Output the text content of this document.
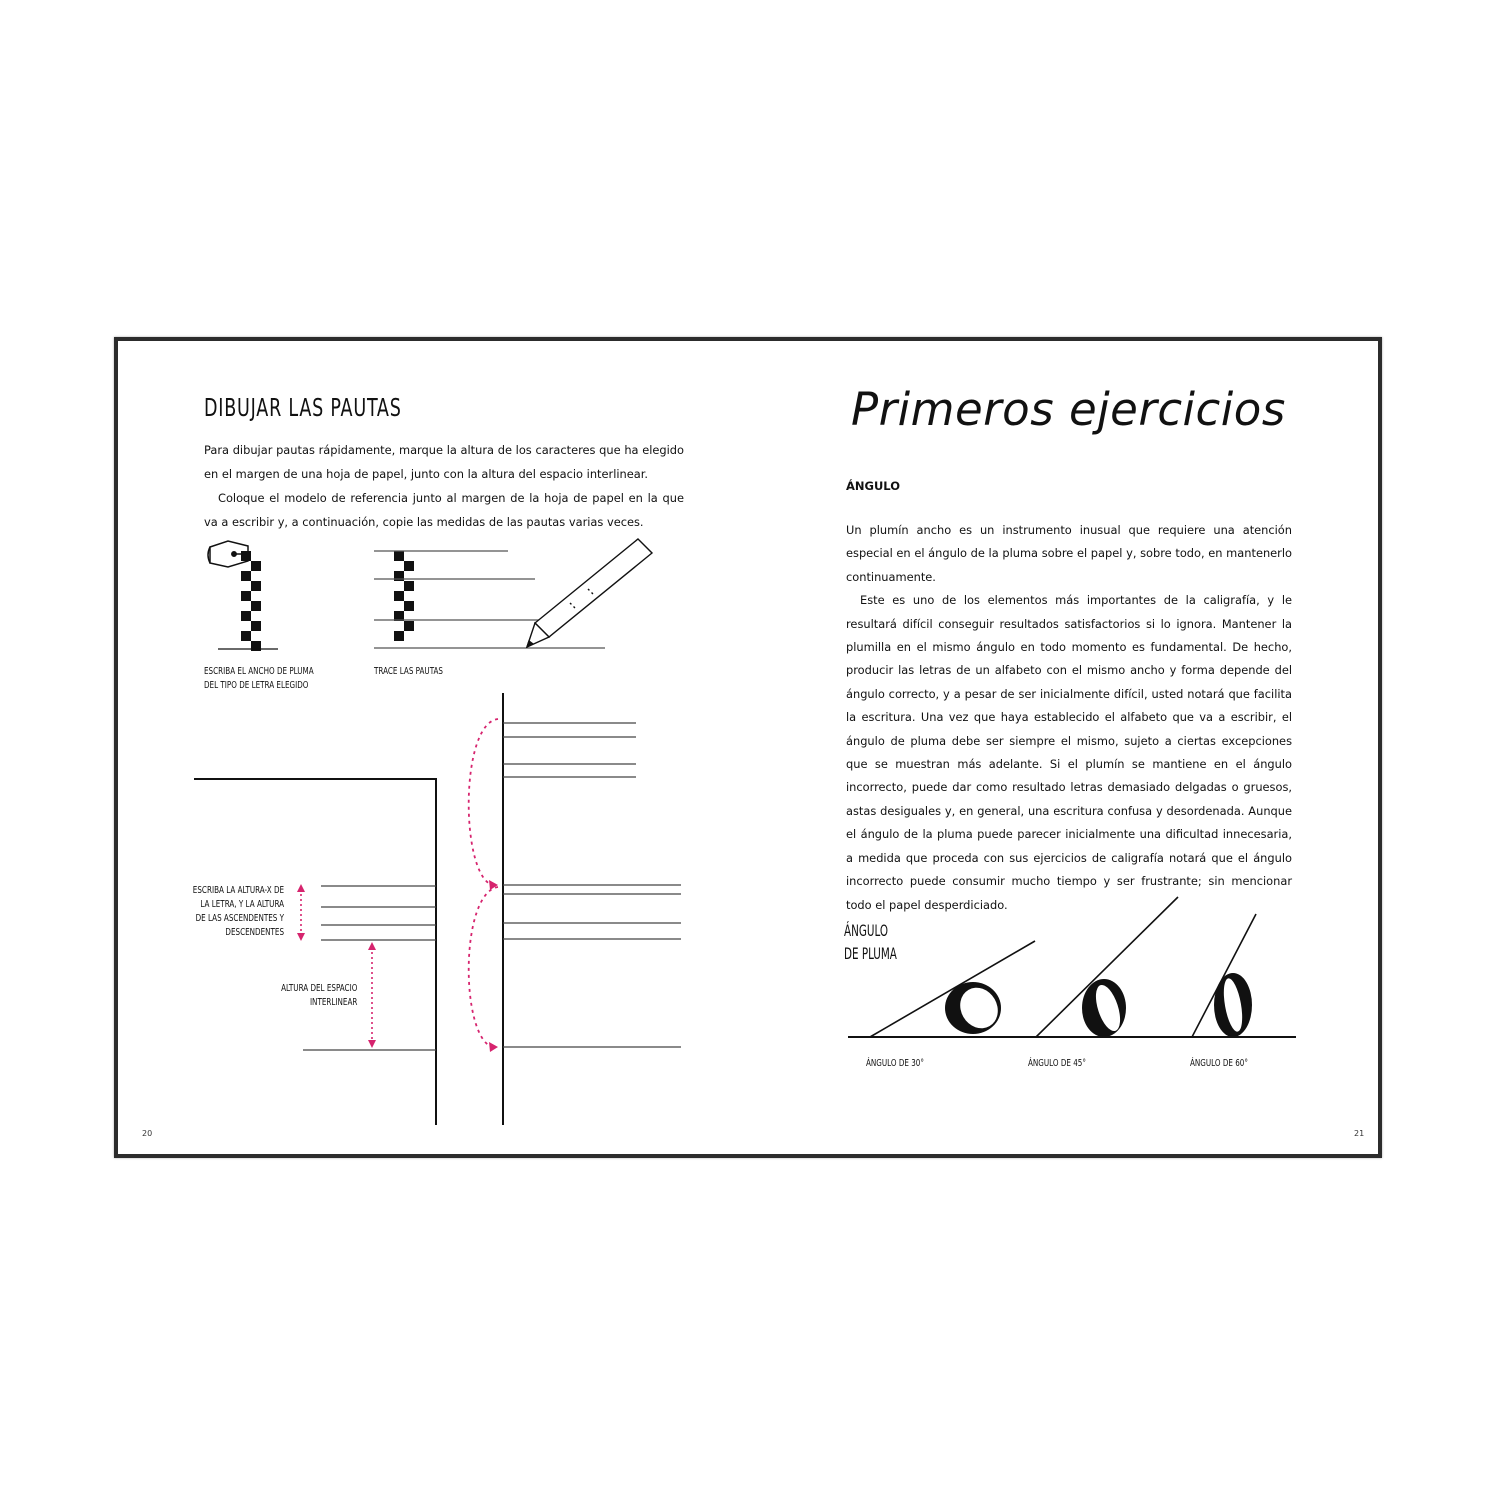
DIBUJAR LAS PAUTAS

Para dibujar pautas rápidamente, marque la altura de los caracteres que ha elegido en el margen de una hoja de papel, junto con la altura del espacio interlinear.

Coloque el modelo de referencia junto al margen de la hoja de papel en la que va a escribir y, a continuación, copie las medidas de las pautas varias veces.

ESCRIBA EL ANCHO DE PLUMA
DEL TIPO DE LETRA ELEGIDO
TRACE LAS PAUTAS
ESCRIBA LA ALTURA-X DE
LA LETRA, Y LA ALTURA
DE LAS ASCENDENTES Y
DESCENDENTES
ALTURA DEL ESPACIO
INTERLINEAR
20
Primeros ejercicios
ÁNGULO

Un plumín ancho es un instrumento inusual que requiere una atención especial en el ángulo de la pluma sobre el papel y, sobre todo, en mantenerlo continuamente.

Este es uno de los elementos más importantes de la caligrafía, y le resultará difícil conseguir resultados satisfactorios si lo ignora. Mantener la plumilla en el mismo ángulo en todo momento es fundamental. De hecho, producir las letras de un alfabeto con el mismo ancho y forma depende del ángulo correcto, y a pesar de ser inicialmente difícil, usted notará que facilita la escritura. Una vez que haya establecido el alfabeto que va a escribir, el ángulo de pluma debe ser siempre el mismo, sujeto a ciertas excepciones que se muestran más adelante. Si el plumín se mantiene en el ángulo incorrecto, puede dar como resultado letras demasiado delgadas o gruesos, astas desiguales y, en general, una escritura confusa y desordenada. Aunque el ángulo de la pluma puede parecer inicialmente una dificultad innecesaria, a medida que proceda con sus ejercicios de caligrafía notará que el ángulo incorrecto puede consumir mucho tiempo y ser frustrante; sin mencionar todo el papel desperdiciado.

ÁNGULO
DE PLUMA
ÁNGULO DE 30°	ÁNGULO DE 45°	ÁNGULO DE 60°
21
